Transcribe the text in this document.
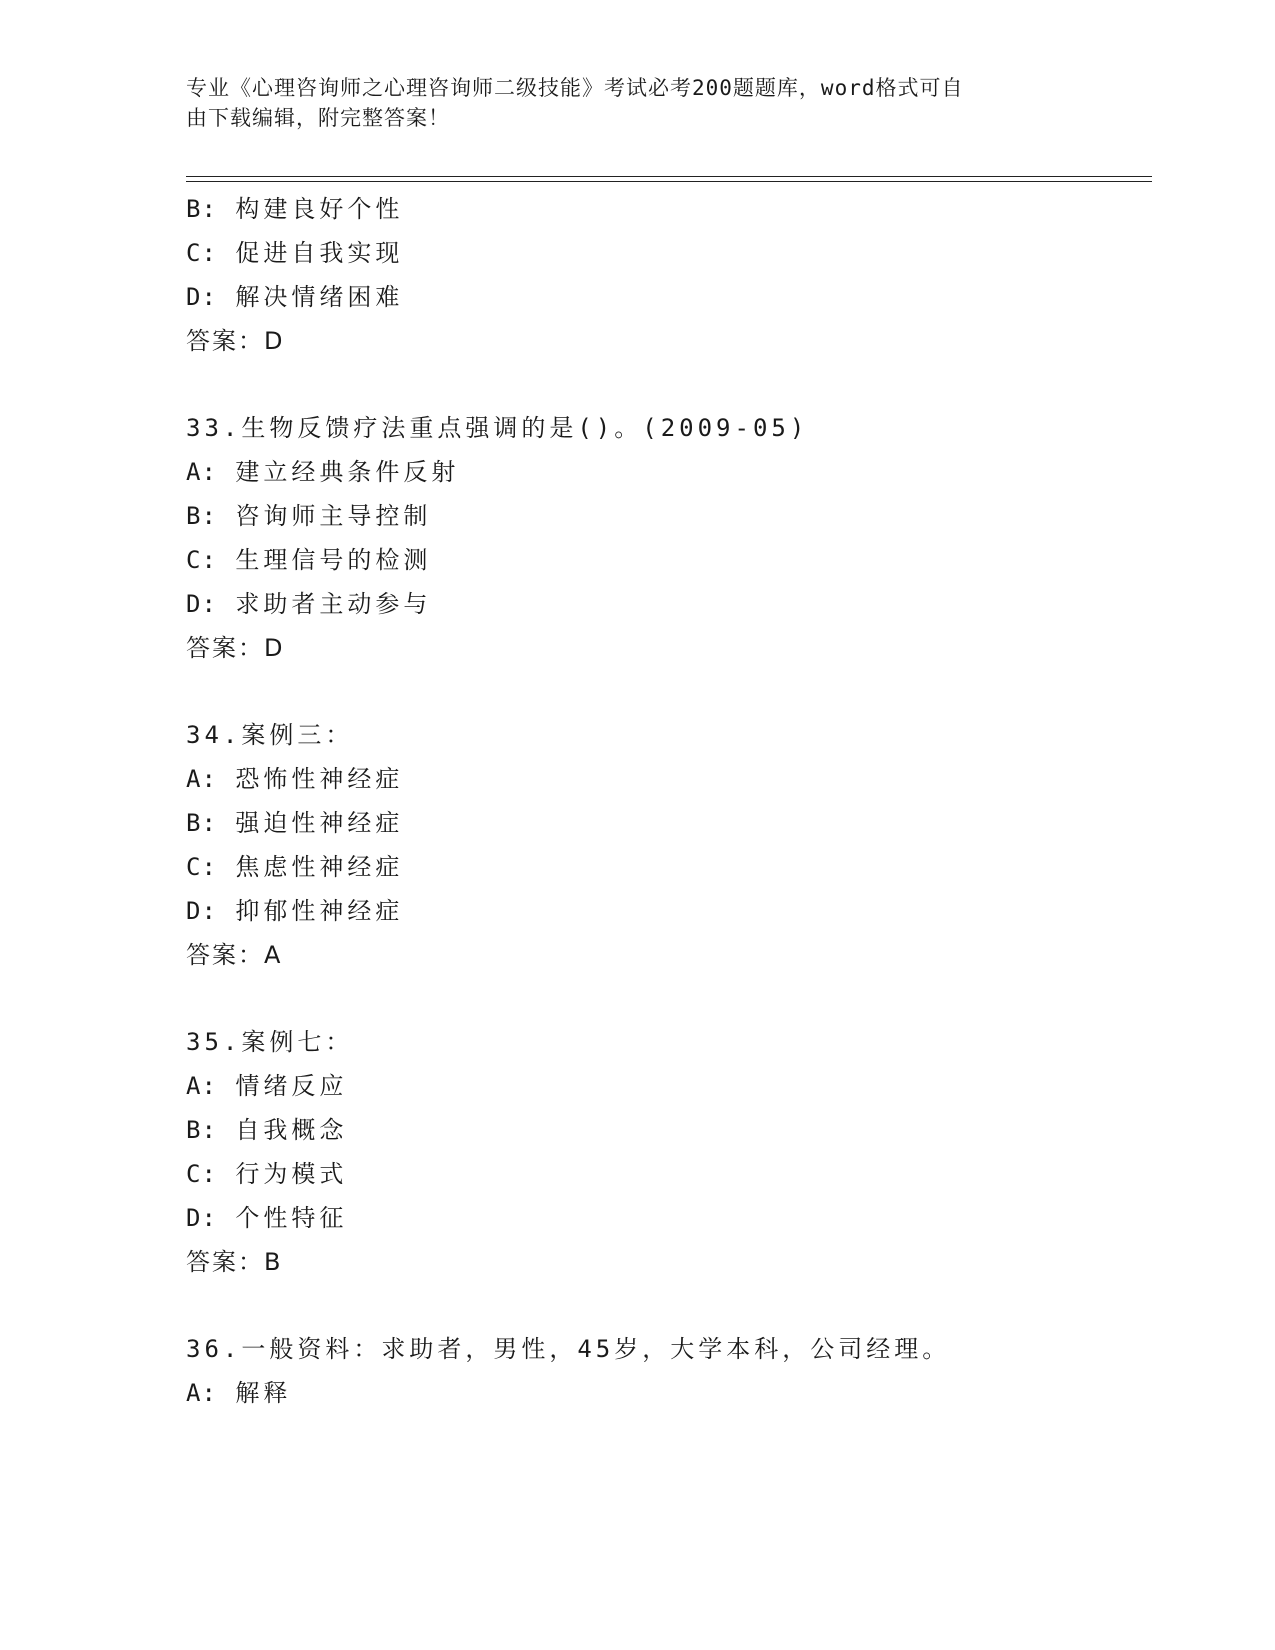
专业《心理咨询师之心理咨询师二级技能》考试必考200题题库，word格式可自
由下载编辑，附完整答案！
B: 构建良好个性
C: 促进自我实现
D: 解决情绪困难
答案：D
33.生物反馈疗法重点强调的是()。(2009-05)
A: 建立经典条件反射
B: 咨询师主导控制
C: 生理信号的检测
D: 求助者主动参与
答案：D
34.案例三：
A: 恐怖性神经症
B: 强迫性神经症
C: 焦虑性神经症
D: 抑郁性神经症
答案：A
35.案例七：
A: 情绪反应
B: 自我概念
C: 行为模式
D: 个性特征
答案：B
36.一般资料：求助者，男性，45岁，大学本科，公司经理。
A: 解释
